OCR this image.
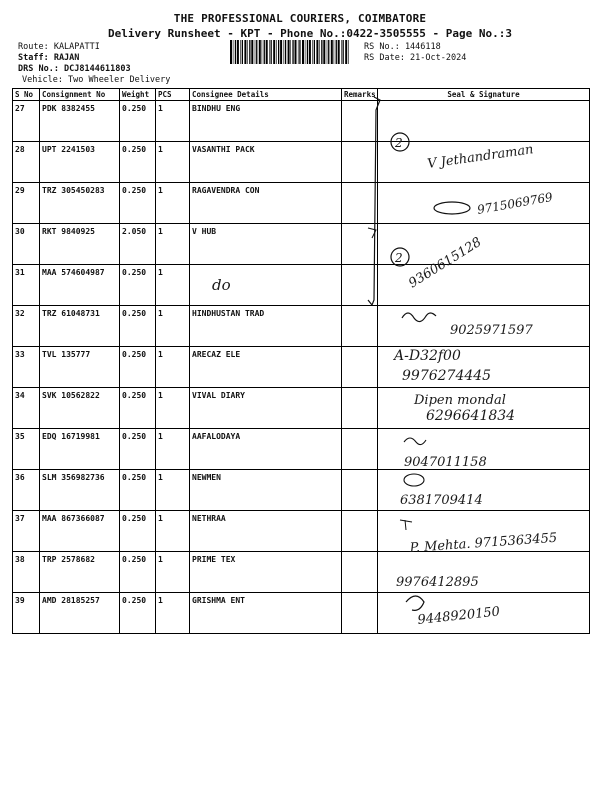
THE PROFESSIONAL COURIERS, COIMBATORE
Delivery Runsheet - KPT - Phone No.:0422-3505555 - Page No.:3
Route: KALAPATTI
Staff: RAJAN
DRS No.: DCJ8144611803
Vehicle: Two Wheeler Delivery
RS No.: 1446118
RS Date: 21-Oct-2024
S No	Consignment No	Weight	PCS	Consignee Details	Remarks	Seal & Signature
27	PDK 8382455	0.250	1	BINDHU ENG		
28	UPT 2241503	0.250	1	VASANTHI PACK		
29	TRZ 305450283	0.250	1	RAGAVENDRA CON		
30	RKT 9840925	2.050	1	V HUB		
31	MAA 574604987	0.250	1			
32	TRZ 61048731	0.250	1	HINDHUSTAN TRAD		
33	TVL 135777	0.250	1	ARECAZ ELE		
34	SVK 10562822	0.250	1	VIVAL DIARY		
35	EDQ 16719981	0.250	1	AAFALODAYA		
36	SLM 356982736	0.250	1	NEWMEN		
37	MAA 867366087	0.250	1	NETHRAA		
38	TRP 2578682	0.250	1	PRIME TEX		
39	AMD 28185257	0.250	1	GRISHMA ENT		
2
2
V Jethandraman
9715069769
9360615128
do
9025971597
A-D32f00
9976274445
Dipen mondal
6296641834
9047011158
6381709414
P. Mehta. 9715363455
9976412895
9448920150
